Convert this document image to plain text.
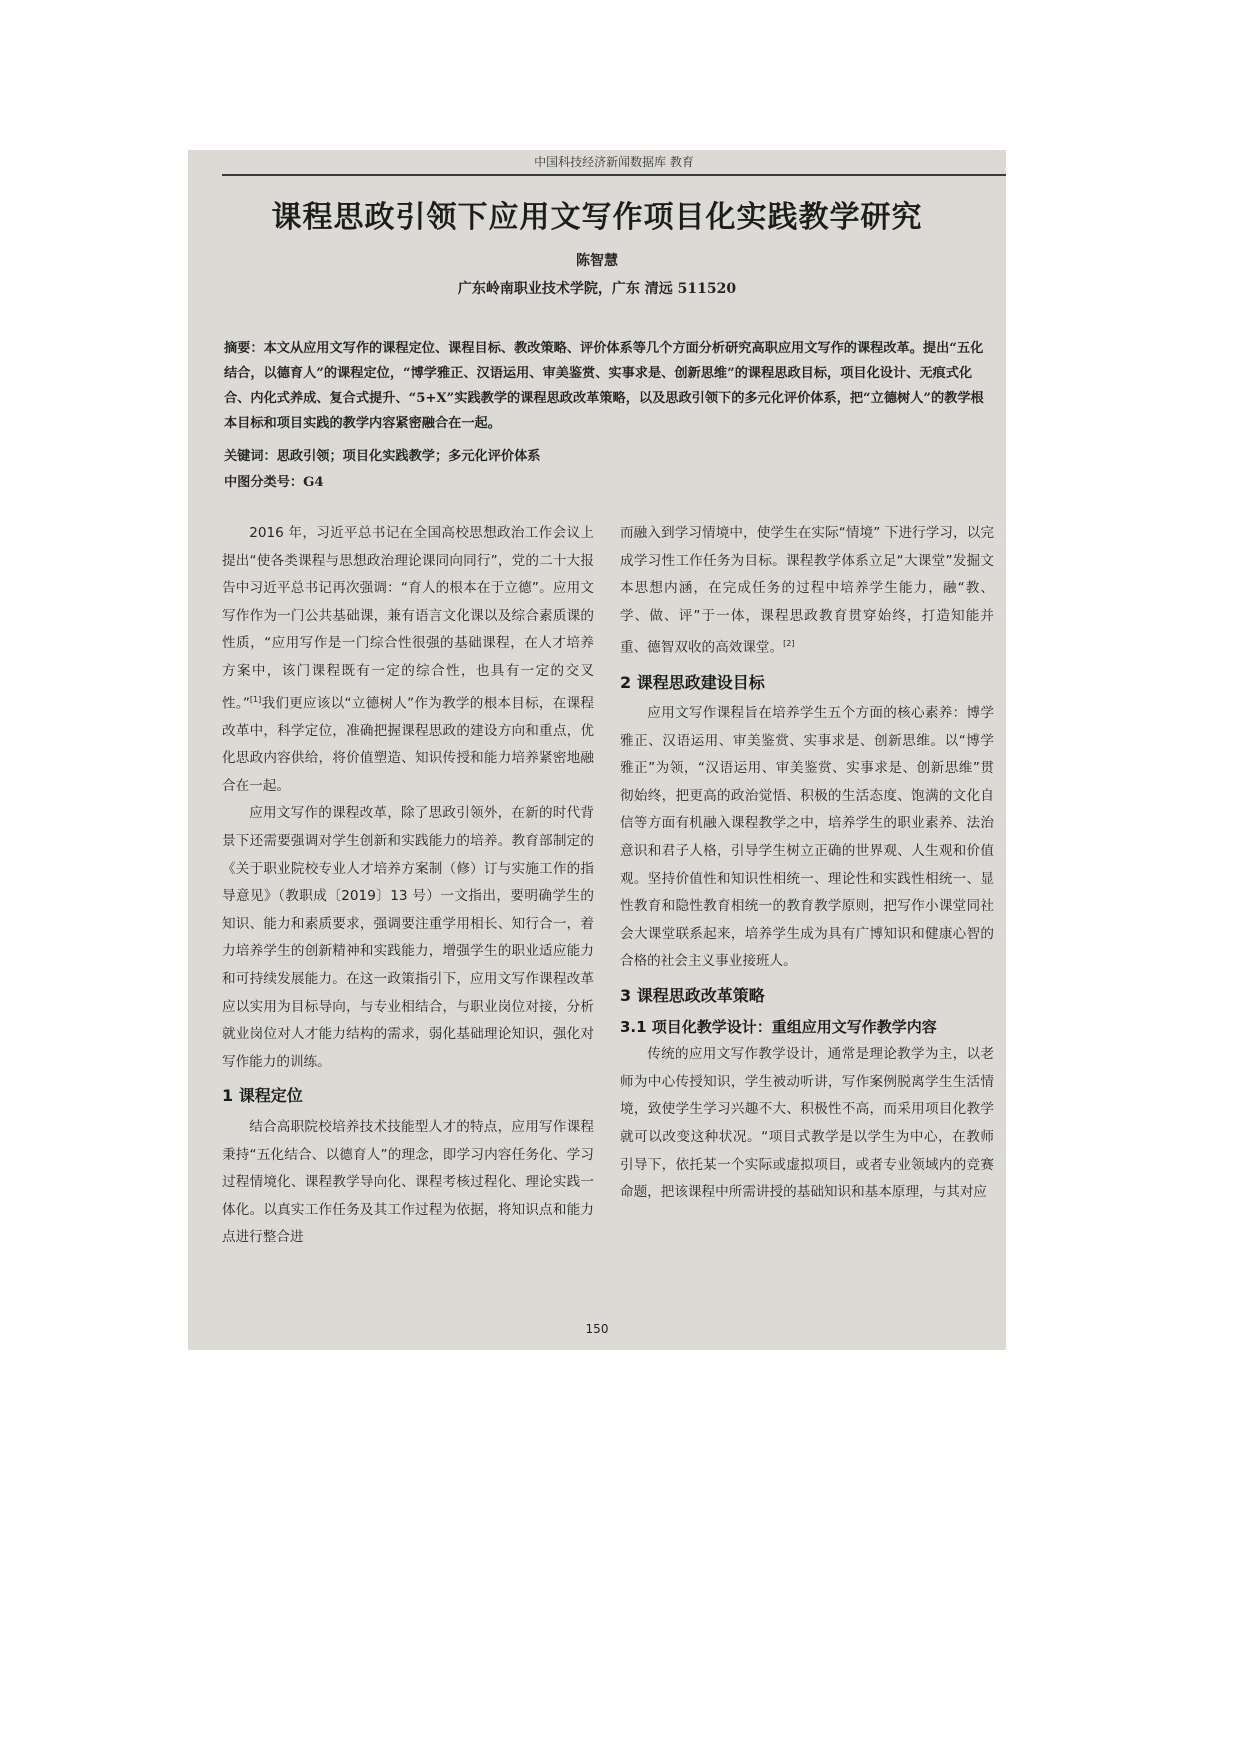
中国科技经济新闻数据库 教育
课程思政引领下应用文写作项目化实践教学研究
陈智慧
广东岭南职业技术学院，广东 清远 511520
摘要：本文从应用文写作的课程定位、课程目标、教改策略、评价体系等几个方面分析研究高职应用文写作的课程改革。提出“五化结合，以德育人”的课程定位，“博学雅正、汉语运用、审美鉴赏、实事求是、创新思维”的课程思政目标，项目化设计、无痕式化合、内化式养成、复合式提升、“5+X”实践教学的课程思政改革策略，以及思政引领下的多元化评价体系，把“立德树人”的教学根本目标和项目实践的教学内容紧密融合在一起。
关键词：思政引领；项目化实践教学；多元化评价体系
中图分类号：G4

2016 年，习近平总书记在全国高校思想政治工作会议上提出“使各类课程与思想政治理论课同向同行”，党的二十大报告中习近平总书记再次强调：“育人的根本在于立德”。应用文写作作为一门公共基础课，兼有语言文化课以及综合素质课的性质，“应用写作是一门综合性很强的基础课程，在人才培养方案中，该门课程既有一定的综合性，也具有一定的交叉性。”[1]我们更应该以“立德树人”作为教学的根本目标，在课程改革中，科学定位，准确把握课程思政的建设方向和重点，优化思政内容供给，将价值塑造、知识传授和能力培养紧密地融合在一起。

应用文写作的课程改革，除了思政引领外，在新的时代背景下还需要强调对学生创新和实践能力的培养。教育部制定的《关于职业院校专业人才培养方案制（修）订与实施工作的指导意见》（教职成〔2019〕13 号）一文指出，要明确学生的知识、能力和素质要求，强调要注重学用相长、知行合一，着力培养学生的创新精神和实践能力，增强学生的职业适应能力和可持续发展能力。在这一政策指引下，应用文写作课程改革应以实用为目标导向，与专业相结合，与职业岗位对接，分析就业岗位对人才能力结构的需求，弱化基础理论知识，强化对写作能力的训练。

1 课程定位

结合高职院校培养技术技能型人才的特点，应用写作课程秉持“五化结合、以德育人”的理念，即学习内容任务化、学习过程情境化、课程教学导向化、课程考核过程化、理论实践一体化。以真实工作任务及其工作过程为依据，将知识点和能力点进行整合进

而融入到学习情境中，使学生在实际“情境” 下进行学习，以完成学习性工作任务为目标。课程教学体系立足“大课堂”发掘文本思想内涵，在完成任务的过程中培养学生能力，融“教、学、做、评”于一体，课程思政教育贯穿始终，打造知能并重、德智双收的高效课堂。[2]

2 课程思政建设目标

应用文写作课程旨在培养学生五个方面的核心素养：博学雅正、汉语运用、审美鉴赏、实事求是、创新思维。以“博学雅正”为领，“汉语运用、审美鉴赏、实事求是、创新思维”贯彻始终，把更高的政治觉悟、积极的生活态度、饱满的文化自信等方面有机融入课程教学之中，培养学生的职业素养、法治意识和君子人格，引导学生树立正确的世界观、人生观和价值观。坚持价值性和知识性相统一、理论性和实践性相统一、显性教育和隐性教育相统一的教育教学原则，把写作小课堂同社会大课堂联系起来，培养学生成为具有广博知识和健康心智的合格的社会主义事业接班人。

3 课程思政改革策略
3.1 项目化教学设计：重组应用文写作教学内容

传统的应用文写作教学设计，通常是理论教学为主，以老师为中心传授知识，学生被动听讲，写作案例脱离学生生活情境，致使学生学习兴趣不大、积极性不高，而采用项目化教学就可以改变这种状况。“项目式教学是以学生为中心，在教师引导下，依托某一个实际或虚拟项目，或者专业领域内的竞赛命题，把该课程中所需讲授的基础知识和基本原理，与其对应

150
